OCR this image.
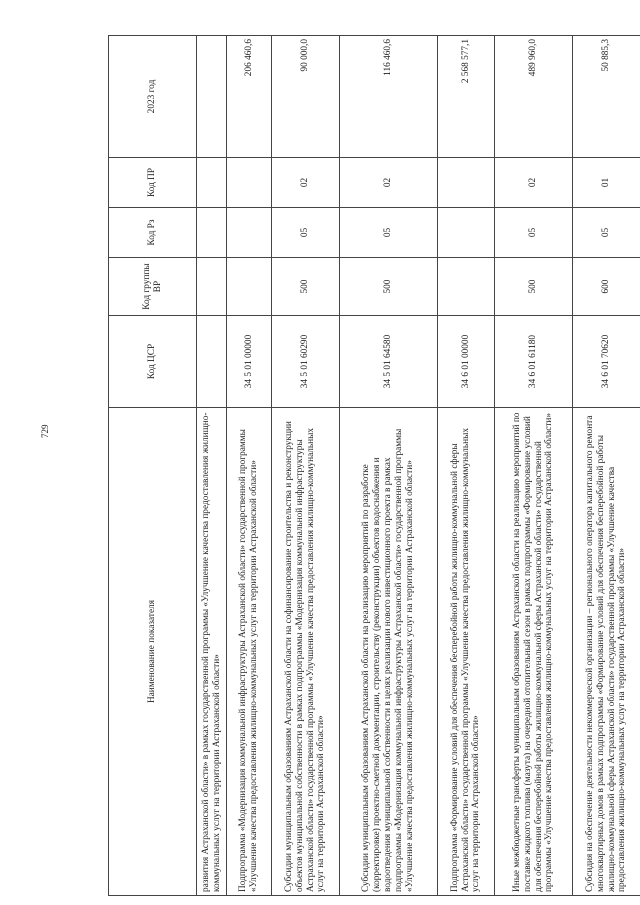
729
Наименование показателя	Код ЦСР	Код группы ВР	Код Рз	Код ПР	2023 год
развития Астраханской области» в рамках государственной программы «Улучшение качества предоставления жилищно-коммунальных услуг на территории Астраханской области»					
Подпрограмма «Модернизация коммунальной инфраструктуры Астраханской области» государственной программы «Улучшение качества предоставления жилищно-коммунальных услуг на территории Астраханской области»	34 5 01 00000				206 460,6
Субсидии муниципальным образованиям Астраханской области на софинансирование строительства и реконструкции объектов муниципальной собственности в рамках подпрограммы «Модернизация коммунальной инфраструктуры Астраханской области» государственной программы «Улучшение качества предоставления жилищно-коммунальных услуг на территории Астраханской области»	34 5 01 60290	500	05	02	90 000,0
Субсидии муниципальным образованиям Астраханской области на реализацию мероприятий по разработке (корректировке) проектно-сметной документации, строительству (реконструкции) объектов водоснабжения и водоотведения муниципальной собственности в целях реализации нового инвестиционного проекта в рамках подпрограммы «Модернизация коммунальной инфраструктуры Астраханской области» государственной программы «Улучшение качества предоставления жилищно-коммунальных услуг на территории Астраханской области»	34 5 01 64580	500	05	02	116 460,6
Подпрограмма «Формирование условий для обеспечения бесперебойной работы жилищно-коммунальной сферы Астраханской области» государственной программы «Улучшение качества предоставления жилищно-коммунальных услуг на территории Астраханской области»	34 6 01 00000				2 568 577,1
Иные межбюджетные трансферты муниципальным образованиям Астраханской области на реализацию мероприятий по поставке жидкого топлива (мазута) на очередной отопительный сезон в рамках подпрограммы «Формирование условий для обеспечения бесперебойной работы жилищно-коммунальной сферы Астраханской области» государственной программы «Улучшение качества предоставления жилищно-коммунальных услуг на территории Астраханской области»	34 6 01 61180	500	05	02	489 960,0
Субсидия на обеспечение деятельности некоммерческой организации – регионального оператора капитального ремонта многоквартирных домов в рамках подпрограммы «Формирование условий для обеспечения бесперебойной работы жилищно-коммунальной сферы Астраханской области» государственной программы «Улучшение качества предоставления жилищно-коммунальных услуг на территории Астраханской области»	34 6 01 70620	600	05	01	50 885,3
